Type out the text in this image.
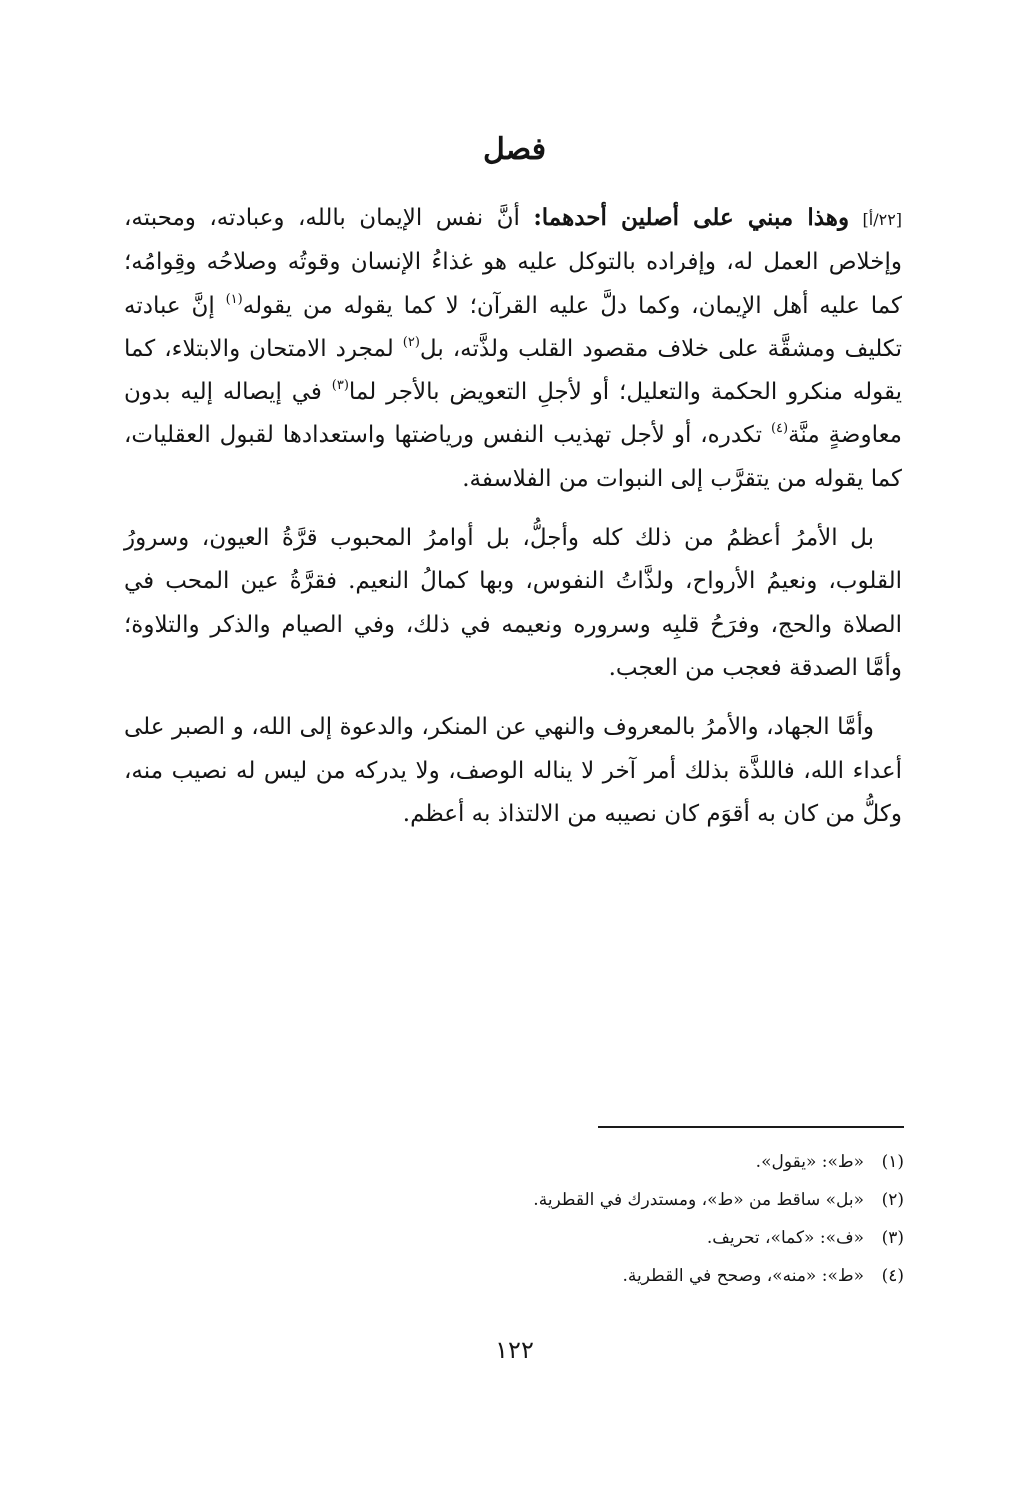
فصل

[٢٢/أ] وهذا مبني على أصلين أحدهما: أنَّ نفس الإيمان بالله، وعبادته، ومحبته، وإخلاص العمل له، وإفراده بالتوكل عليه هو غذاءُ الإنسان وقوتُه وصلاحُه وقِوامُه؛ كما عليه أهل الإيمان، وكما دلَّ عليه القرآن؛ لا كما يقوله من يقوله$^{(١)}$ إنَّ عبادته تكليف ومشقَّة على خلاف مقصود القلب ولذَّته، بل$^{(٢)}$ لمجرد الامتحان والابتلاء، كما يقوله منكرو الحكمة والتعليل؛ أو لأجلِ التعويض بالأجر لما$^{(٣)}$ في إيصاله إليه بدون معاوضةٍ منَّة$^{(٤)}$ تكدره، أو لأجل تهذيب النفس ورياضتها واستعدادها لقبول العقليات، كما يقوله من يتقرَّب إلى النبوات من الفلاسفة.

بل الأمرُ أعظمُ من ذلك كله وأجلُّ، بل أوامرُ المحبوب قرَّةُ العيون، وسرورُ القلوب، ونعيمُ الأرواح، ولذَّاتُ النفوس، وبها كمالُ النعيم. فقرَّةُ عين المحب في الصلاة والحج، وفرَحُ قلبِه وسروره ونعيمه في ذلك، وفي الصيام والذكر والتلاوة؛ وأمَّا الصدقة فعجب من العجب.

وأمَّا الجهاد، والأمرُ بالمعروف والنهي عن المنكر، والدعوة إلى الله، و الصبر على أعداء الله، فاللذَّة بذلك أمر آخر لا يناله الوصف، ولا يدركه من ليس له نصيب منه، وكلُّ من كان به أقوَم كان نصيبه من الالتذاذ به أعظم.

(١)«ط»: «يقول».
(٢)«بل» ساقط من «ط»، ومستدرك في القطرية.
(٣)«ف»: «كما»، تحريف.
(٤)«ط»: «منه»، وصحح في القطرية.
١٢٢
